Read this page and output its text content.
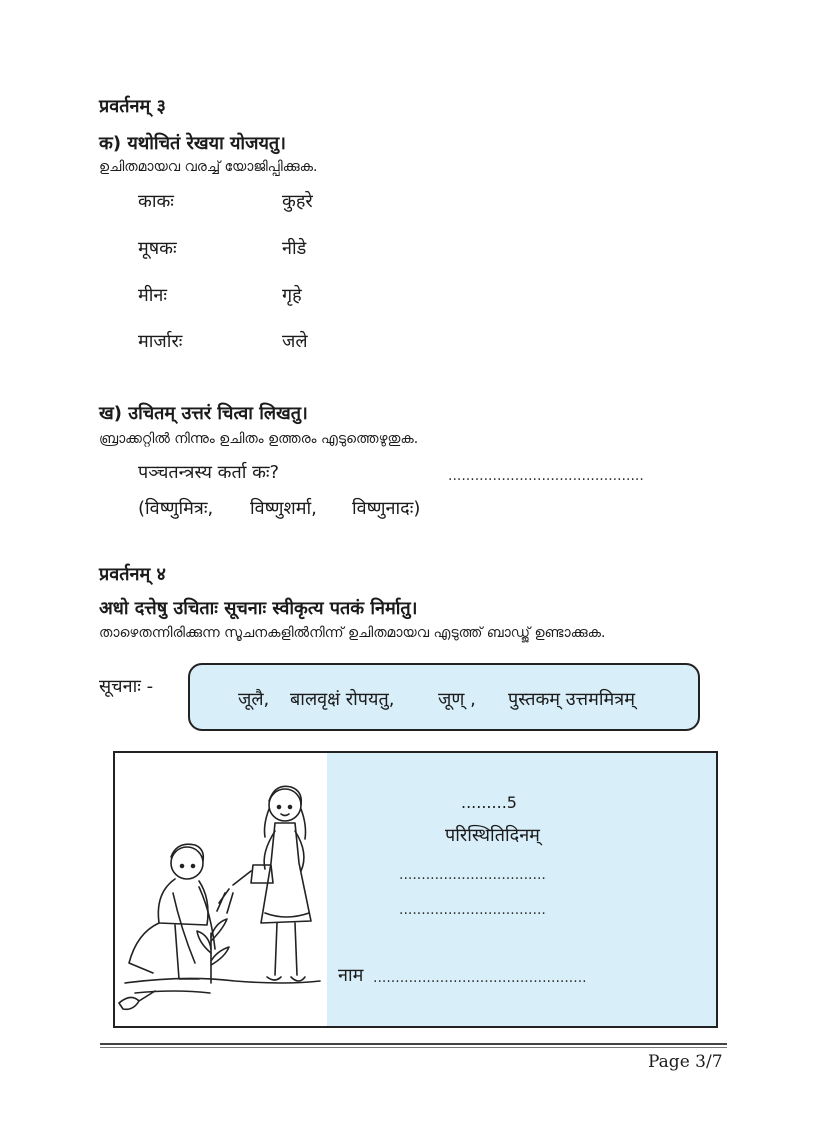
प्रवर्तनम् ३
क) यथोचितं रेखया योजयतु।
ഉചിതമായവ വരച്ച് യോജിപ്പിക്കുക.
काकः	कुहरे
मूषकः	नीडे
मीनः	गृहे
मार्जारः	जले
ख) उचितम् उत्तरं चित्वा लिखतु।
ബ്രാക്കറ്റിൽ നിന്നും ഉചിതം ഉത്തരം എടുത്തെഴുതുക.
पञ्चतन्त्रस्य कर्ता कः?	............................................
(विष्णुमित्रः, विष्णुशर्मा, विष्णुनादः)
प्रवर्तनम् ४
अधो दत्तेषु उचिताः सूचनाः स्वीकृत्य पतकं निर्मातु।
താഴെതന്നിരിക്കുന്ന സൂചനകളിൽനിന്ന് ഉചിതമായവ എടുത്ത് ബാഡ്ജ് ഉണ്ടാക്കുക.
सूचनाः -
जूलै, बालवृक्षं रोपयतु, जूण् , पुस्तकम् उत्तममित्रम्
.........5
परिस्थितिदिनम्
.................................
.................................
नाम ................................................
Page 3/7
